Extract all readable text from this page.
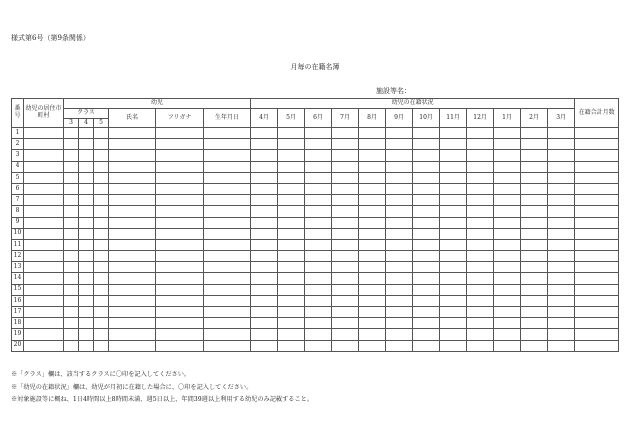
様式第6号（第9条関係）
月毎の在籍名簿
施設等名：
番号	幼児の居住市町村	幼児						幼児の在籍状況												在籍合計月数
		クラス			氏名	フリガナ	生年月日	4月	5月	6月	7月	8月	9月	10月	11月	12月	1月	2月	3月	
		3	4	5																
1																				
2																				
3																				
4																				
5																				
6																				
7																				
8																				
9																				
10																				
11																				
12																				
13																				
14																				
15																				
16																				
17																				
18																				
19																				
20																				
※「クラス」欄は、該当するクラスに〇印を記入してください。
※「幼児の在籍状況」欄は、幼児が月初に在籍した場合に、〇印を記入してください。
※対象施設等に概ね、1日4時間以上8時間未満、週5日以上、年間39週以上利用する幼児のみ記載すること。
